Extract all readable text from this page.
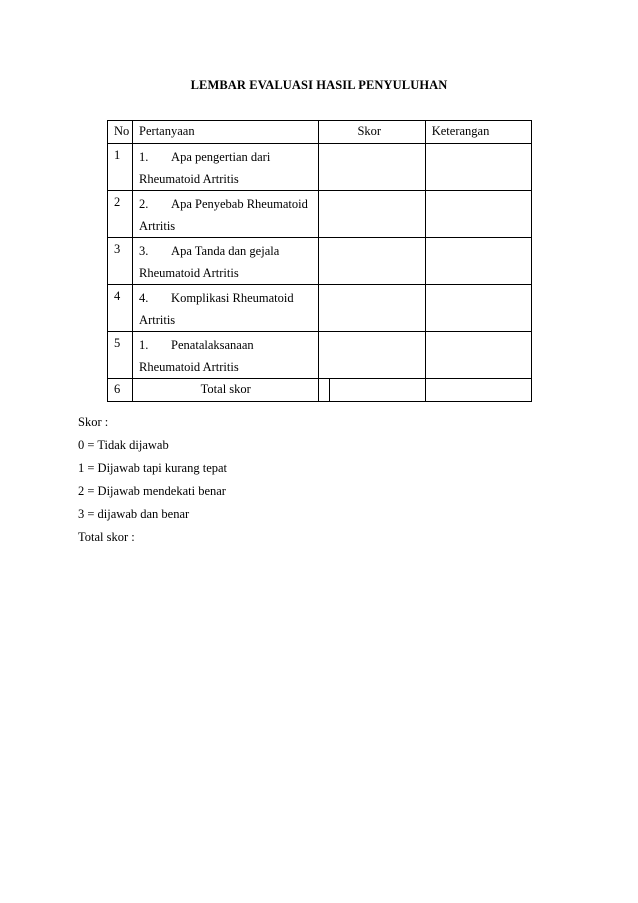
LEMBAR EVALUASI HASIL PENYULUHAN
No	Pertanyaan	Skor	Keterangan
1	1. Apa pengertian dari
Rheumatoid Artritis		
2	2. Apa Penyebab Rheumatoid
Artritis		
3	3. Apa Tanda dan gejala
Rheumatoid Artritis		
4	4. Komplikasi Rheumatoid
Artritis		
5	1. Penatalaksanaan
Rheumatoid Artritis		
6	Total skor	

Skor :
0 = Tidak dijawab
1 = Dijawab tapi kurang tepat
2 = Dijawab mendekati benar
3 = dijawab dan benar
Total skor :
